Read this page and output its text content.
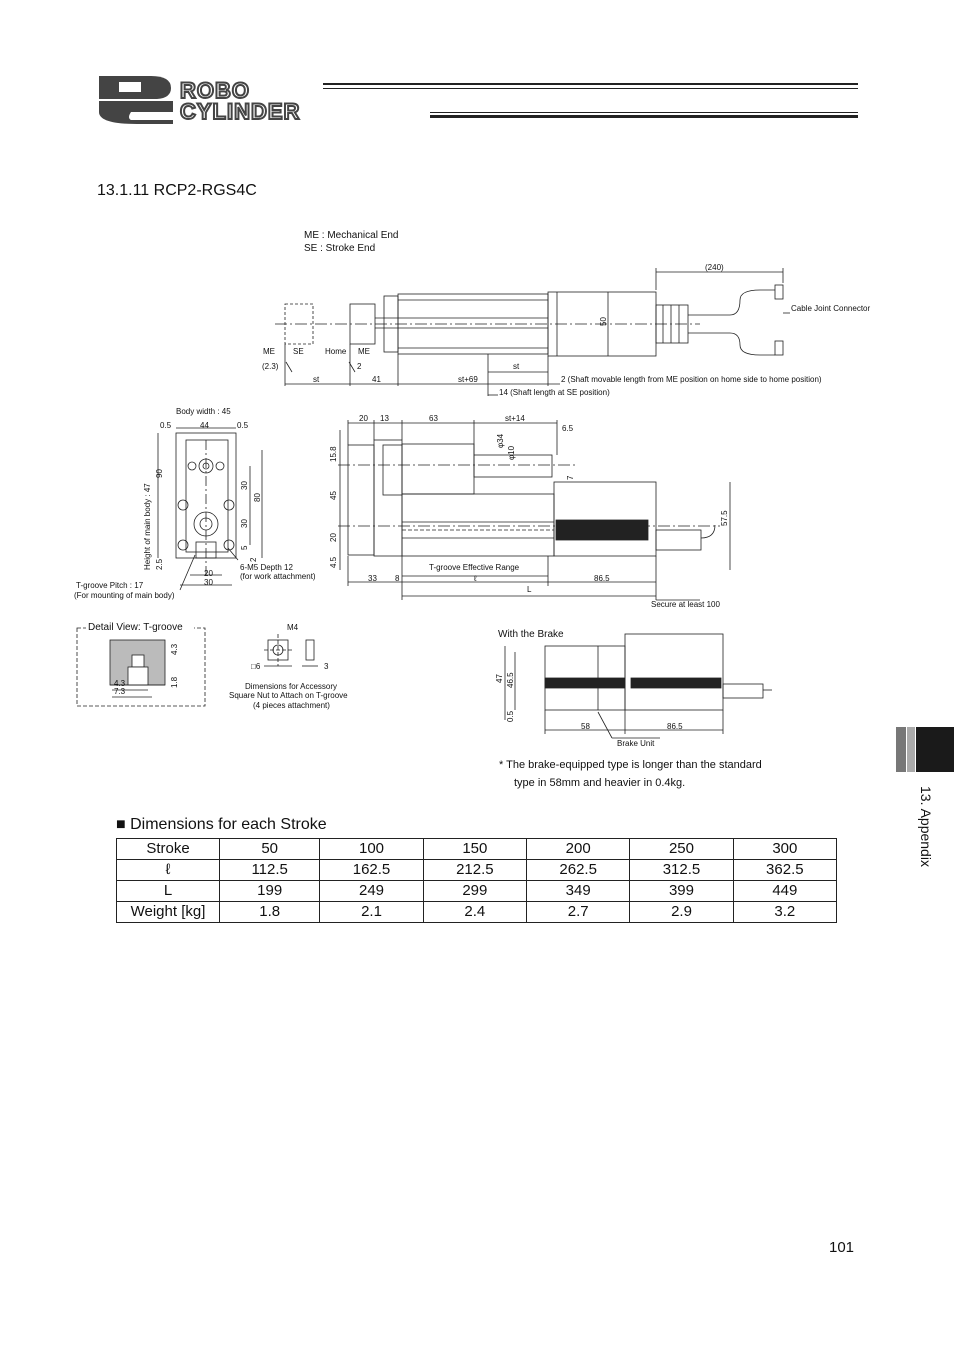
ROBO
CYLINDER
13.1.11 RCP2-RGS4C
ME : Mechanical End
SE : Stroke End
(240)
Cable Joint Connector
50
ME SE	Home ME
(2.3)	2	st
st	41	st+69	2 (Shaft movable length from ME position on home side to home position)
14 (Shaft length at SE position)
Body width : 45
0.5	44	0.5
90
Height of main body : 47	30
80
30
5
2
2.5
20
30
6-M5 Depth 12
(for work attachment)
T-groove Pitch : 17
(For mounting of main body)
20 13	63	st+14
6.5
15.8
φ34
φ10
7
45
57.5
20
4.5
33 8
T-groove Effective Range
ℓ	86.5
L
Secure at least 100
Detail View: T-groove
4.3
1.8
4.3
7.3
M4
□6	3
Dimensions for Accessory
Square Nut to Attach on T-groove
(4 pieces attachment)
With the Brake
47 46.5
0.5
58	86.5
Brake Unit
* The brake-equipped type is longer than the standard
type in 58mm and heavier in 0.4kg.
■ Dimensions for each Stroke
Stroke	50	100	150	200	250	300
ℓ	112.5	162.5	212.5	262.5	312.5	362.5
L	199	249	299	349	399	449
Weight [kg]	1.8	2.1	2.4	2.7	2.9	3.2
13. Appendix
101
